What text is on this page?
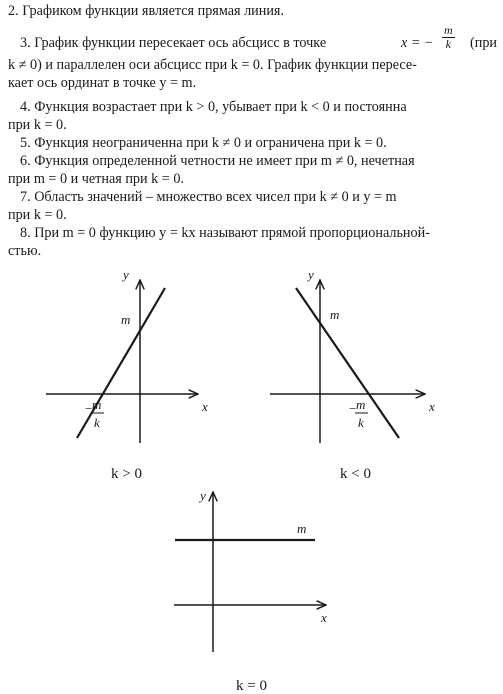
2. Графиком функции является прямая линия.

3. График функции пересекает ось абсцисс в точке	x = − $\frac{m}{k} (при$
k ≠ 0) и параллелен оси абсцисс при k = 0. График функции пересе-
кает ось ординат в точке y = m.

4. Функция возрастает при k > 0, убывает при k < 0 и постоянна
при k = 0.

5. Функция неограниченна при k ≠ 0 и ограничена при k = 0.

6. Функция определенной четности не имеет при m ≠ 0, нечетная
при m = 0 и четная при k = 0.

7. Область значений – множество всех чисел при k ≠ 0 и y = m
при k = 0.

8. При m = 0 функцию y = kx называют прямой пропорциональной-
стью.

x
y
m
− m
k
k > 0
x
y
m
− m
k
k < 0
x
y
m
k = 0
